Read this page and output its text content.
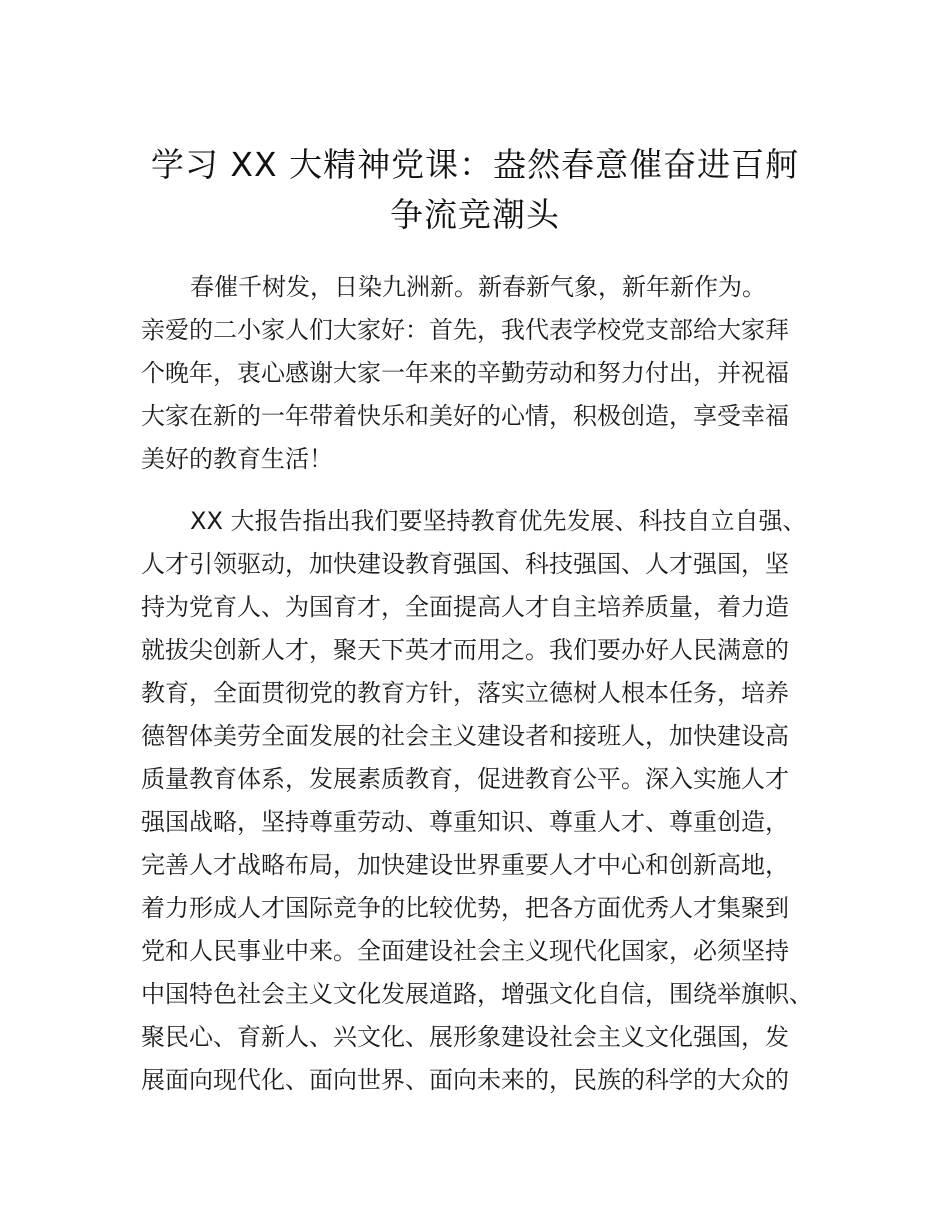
学习 XX 大精神党课：盎然春意催奋进百舸
争流竞潮头
春催千树发，日染九洲新。新春新气象，新年新作为。
亲爱的二小家人们大家好：首先，我代表学校党支部给大家拜
个晚年，衷心感谢大家一年来的辛勤劳动和努力付出，并祝福
大家在新的一年带着快乐和美好的心情，积极创造，享受幸福
美好的教育生活！
XX 大报告指出我们要坚持教育优先发展、科技自立自强、
人才引领驱动，加快建设教育强国、科技强国、人才强国，坚
持为党育人、为国育才，全面提高人才自主培养质量，着力造
就拔尖创新人才，聚天下英才而用之。我们要办好人民满意的
教育，全面贯彻党的教育方针，落实立德树人根本任务，培养
德智体美劳全面发展的社会主义建设者和接班人，加快建设高
质量教育体系，发展素质教育，促进教育公平。深入实施人才
强国战略，坚持尊重劳动、尊重知识、尊重人才、尊重创造，
完善人才战略布局，加快建设世界重要人才中心和创新高地，
着力形成人才国际竞争的比较优势，把各方面优秀人才集聚到
党和人民事业中来。全面建设社会主义现代化国家，必须坚持
中国特色社会主义文化发展道路，增强文化自信，围绕举旗帜、
聚民心、育新人、兴文化、展形象建设社会主义文化强国，发
展面向现代化、面向世界、面向未来的，民族的科学的大众的
